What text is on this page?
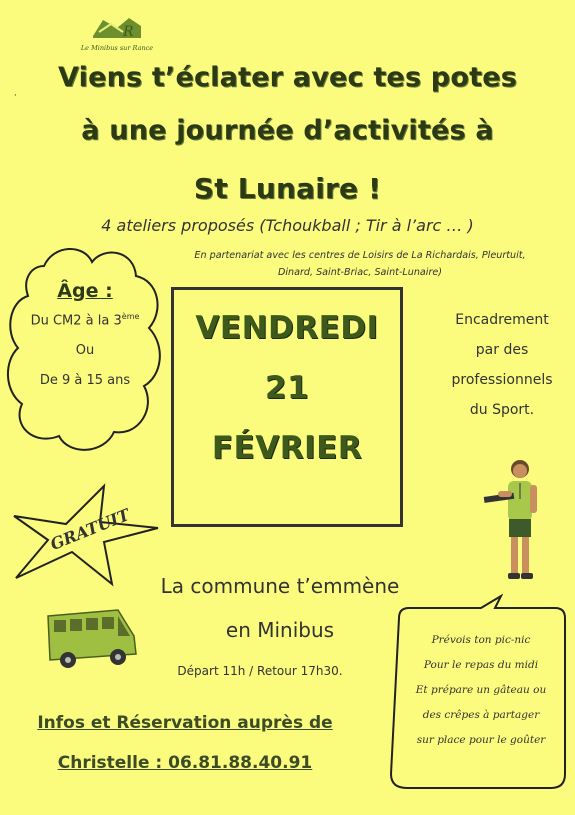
R
Le Minibus sur Rance
‚	Viens t’éclater avec tes potes
à une journée d’activités à
St Lunaire !
4 ateliers proposés (Tchoukball ; Tir à l’arc … )
En partenariat avec les centres de Loisirs de La Richardais, Pleurtuit,
Dinard, Saint-Briac, Saint-Lunaire)
Âge :
Du CM2 à la 3ème
Ou
De 9 à 15 ans
VENDREDI
21
FÉVRIER
Encadrement
par des
professionnels
du Sport.
GRATUIT
La commune t’emmène
en Minibus
Départ 11h / Retour 17h30.
Infos et Réservation auprès de
Christelle : 06.81.88.40.91
Prévois ton pic-nic
Pour le repas du midi
Et prépare un gâteau ou
des crêpes à partager
sur place pour le goûter
